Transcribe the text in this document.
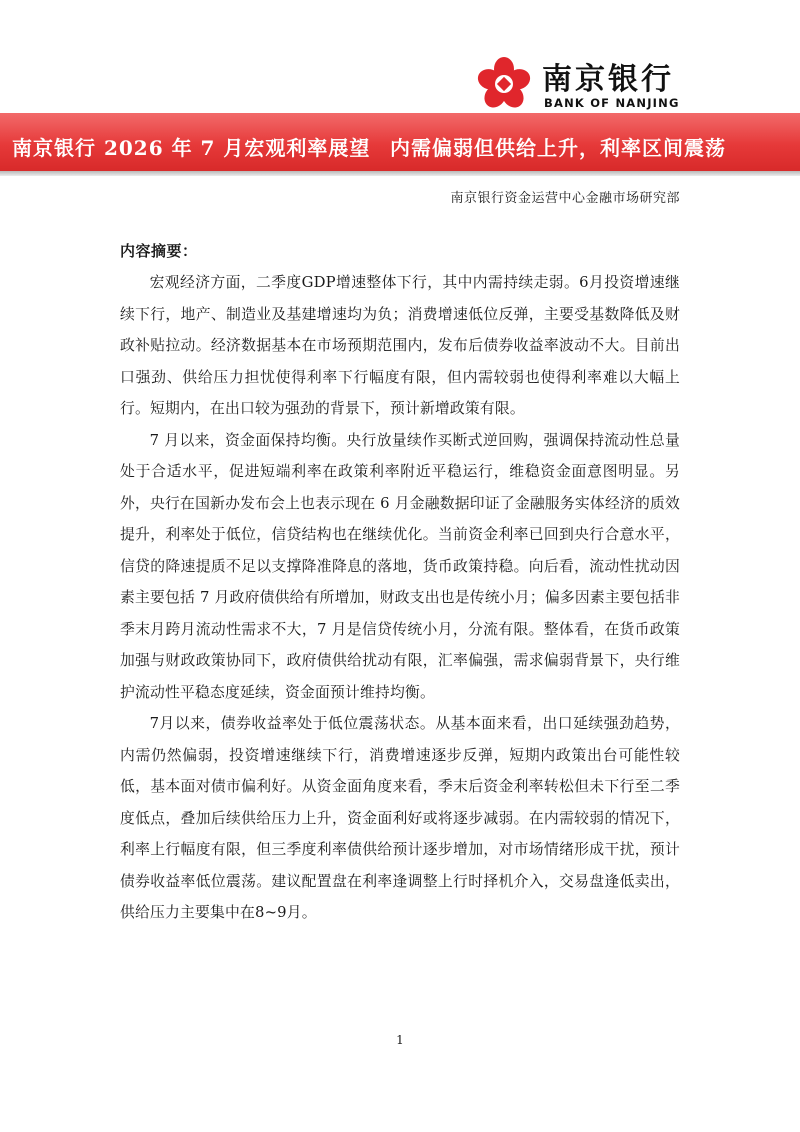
南京银行
BANK OF NANJING
南京银行 2026 年 7 月宏观利率展望 内需偏弱但供给上升，利率区间震荡
南京银行资金运营中心金融市场研究部
内容摘要：

宏观经济方面，二季度GDP增速整体下行，其中内需持续走弱。6月投资增速继续下行，地产、制造业及基建增速均为负；消费增速低位反弹，主要受基数降低及财政补贴拉动。经济数据基本在市场预期范围内，发布后债券收益率波动不大。目前出口强劲、供给压力担忧使得利率下行幅度有限，但内需较弱也使得利率难以大幅上行。短期内，在出口较为强劲的背景下，预计新增政策有限。

7 月以来，资金面保持均衡。央行放量续作买断式逆回购，强调保持流动性总量处于合适水平，促进短端利率在政策利率附近平稳运行，维稳资金面意图明显。另外，央行在国新办发布会上也表示现在 6 月金融数据印证了金融服务实体经济的质效提升，利率处于低位，信贷结构也在继续优化。当前资金利率已回到央行合意水平，信贷的降速提质不足以支撑降准降息的落地，货币政策持稳。向后看，流动性扰动因素主要包括 7 月政府债供给有所增加，财政支出也是传统小月；偏多因素主要包括非季末月跨月流动性需求不大，7 月是信贷传统小月，分流有限。整体看，在货币政策加强与财政政策协同下，政府债供给扰动有限，汇率偏强，需求偏弱背景下，央行维护流动性平稳态度延续，资金面预计维持均衡。

7月以来，债券收益率处于低位震荡状态。从基本面来看，出口延续强劲趋势，内需仍然偏弱，投资增速继续下行，消费增速逐步反弹，短期内政策出台可能性较低，基本面对债市偏利好。从资金面角度来看，季末后资金利率转松但未下行至二季度低点，叠加后续供给压力上升，资金面利好或将逐步减弱。在内需较弱的情况下，利率上行幅度有限，但三季度利率债供给预计逐步增加，对市场情绪形成干扰，预计债券收益率低位震荡。建议配置盘在利率逢调整上行时择机介入，交易盘逢低卖出，供给压力主要集中在8~9月。

1
